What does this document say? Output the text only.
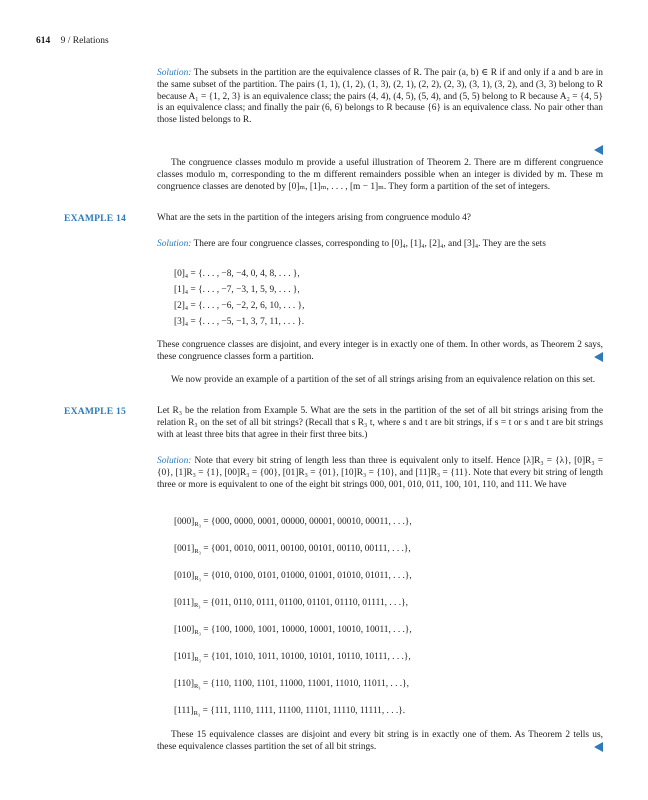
614 9 / Relations
Solution: The subsets in the partition are the equivalence classes of R. The pair (a, b) ∈ R if and only if a and b are in the same subset of the partition. The pairs (1, 1), (1, 2), (1, 3), (2, 1), (2, 2), (2, 3), (3, 1), (3, 2), and (3, 3) belong to R because A₁ = {1, 2, 3} is an equivalence class; the pairs (4, 4), (4, 5), (5, 4), and (5, 5) belong to R because A₂ = {4, 5} is an equivalence class; and finally the pair (6, 6) belongs to R because {6} is an equivalence class. No pair other than those listed belongs to R.
The congruence classes modulo m provide a useful illustration of Theorem 2. There are m different congruence classes modulo m, corresponding to the m different remainders possible when an integer is divided by m. These m congruence classes are denoted by [0]ₘ, [1]ₘ, . . . , [m − 1]ₘ. They form a partition of the set of integers.
EXAMPLE 14	What are the sets in the partition of the integers arising from congruence modulo 4?
Solution: There are four congruence classes, corresponding to [0]₄, [1]₄, [2]₄, and [3]₄. They are the sets
[0]₄ = {. . . , −8, −4, 0, 4, 8, . . . },
[1]₄ = {. . . , −7, −3, 1, 5, 9, . . . },
[2]₄ = {. . . , −6, −2, 2, 6, 10, . . . },
[3]₄ = {. . . , −5, −1, 3, 7, 11, . . . }.
These congruence classes are disjoint, and every integer is in exactly one of them. In other words, as Theorem 2 says, these congruence classes form a partition.
We now provide an example of a partition of the set of all strings arising from an equivalence relation on this set.
EXAMPLE 15	Let R₃ be the relation from Example 5. What are the sets in the partition of the set of all bit strings arising from the relation R₃ on the set of all bit strings? (Recall that s R₃ t, where s and t are bit strings, if s = t or s and t are bit strings with at least three bits that agree in their first three bits.)
Solution: Note that every bit string of length less than three is equivalent only to itself. Hence [λ]R₃ = {λ}, [0]R₃ = {0}, [1]R₃ = {1}, [00]R₃ = {00}, [01]R₃ = {01}, [10]R₃ = {10}, and [11]R₃ = {11}. Note that every bit string of length three or more is equivalent to one of the eight bit strings 000, 001, 010, 011, 100, 101, 110, and 111. We have
$[000]_{R_3} = \{000$, 0000, 0001, 00000, 00001, 00010, 00011, . . .},
$[001]_{R_3} = \{001$, 0010, 0011, 00100, 00101, 00110, 00111, . . .},
$[010]_{R_3} = \{010$, 0100, 0101, 01000, 01001, 01010, 01011, . . .},
$[011]_{R_3} = \{011$, 0110, 0111, 01100, 01101, 01110, 01111, . . .},
$[100]_{R_3} = \{100$, 1000, 1001, 10000, 10001, 10010, 10011, . . .},
$[101]_{R_3} = \{101$, 1010, 1011, 10100, 10101, 10110, 10111, . . .},
$[110]_{R_3} = \{110$, 1100, 1101, 11000, 11001, 11010, 11011, . . .},
$[111]_{R_3} = \{111$, 1110, 1111, 11100, 11101, 11110, 11111, . . .}.
These 15 equivalence classes are disjoint and every bit string is in exactly one of them. As Theorem 2 tells us, these equivalence classes partition the set of all bit strings.
